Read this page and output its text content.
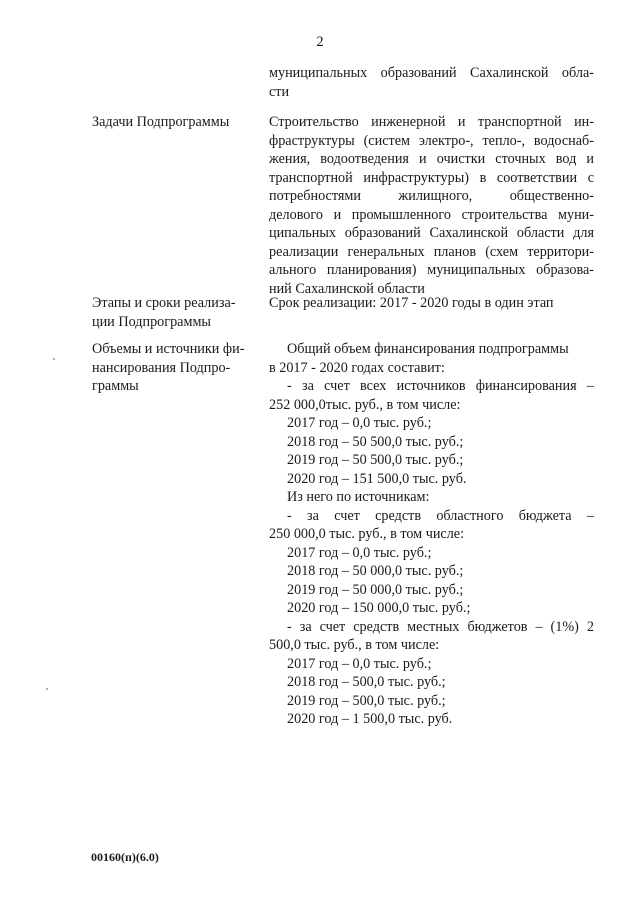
2
муниципальных образований Сахалинской обла-
сти
Задачи Подпрограммы	Строительство инженерной и транспортной ин-
фраструктуры (систем электро-, тепло-, водоснаб-
жения, водоотведения и очистки сточных вод и
транспортной инфраструктуры) в соответствии с
потребностями жилищного, общественно-
делового и промышленного строительства муни-
ципальных образований Сахалинской области для
реализации генеральных планов (схем территори-
ального планирования) муниципальных образова-
ний Сахалинской области
Этапы и сроки реализа-
ции Подпрограммы
Срок реализации: 2017 - 2020 годы в один этап
Объемы и источники фи-
нансирования Подпро-
граммы
Общий объем финансирования подпрограммы
в 2017 - 2020 годах составит:
- за счет всех источников финансирования –
252 000,0тыс. руб., в том числе:
2017 год – 0,0 тыс. руб.;
2018 год – 50 500,0 тыс. руб.;
2019 год – 50 500,0 тыс. руб.;
2020 год – 151 500,0 тыс. руб.
Из него по источникам:
- за счет средств областного бюджета –
250 000,0 тыс. руб., в том числе:
2017 год – 0,0 тыс. руб.;
2018 год – 50 000,0 тыс. руб.;
2019 год – 50 000,0 тыс. руб.;
2020 год – 150 000,0 тыс. руб.;
- за счет средств местных бюджетов – (1%) 2
500,0 тыс. руб., в том числе:
2017 год – 0,0 тыс. руб.;
2018 год – 500,0 тыс. руб.;
2019 год – 500,0 тыс. руб.;
2020 год – 1 500,0 тыс. руб.
00160(п)(6.0)
